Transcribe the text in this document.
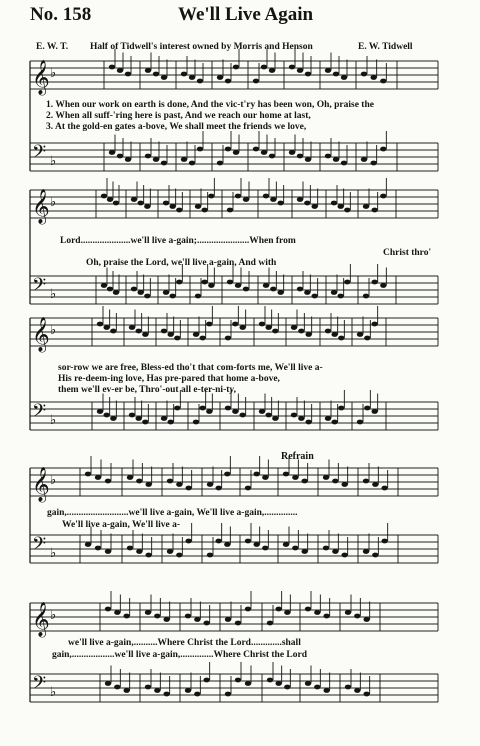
No. 158	We'll Live Again
E. W. T. Half of Tidwell's interest owned by Morris and Henson	E. W. Tidwell
𝄞 ♭
𝄢 ♭
𝄞 ♭
𝄢 ♭
𝄞 ♭
𝄢 ♭
𝄞 ♭
𝄢 ♭
𝄞 ♭
𝄢 ♭
1. When our work on earth is done, And the vic-t'ry has been won, Oh, praise the
2. When all suff-'ring here is past, And we reach our home at last,
3. At the gold-en gates a-bove, We shall meet the friends we love,
Lord.....................we'll live a-gain;......................When from
Christ thro'
Oh, praise the Lord, we'll live a-gain, And with
sor-row we are free, Bless-ed tho't that com-forts me, We'll live a-
His re-deem-ing love, Has pre-pared that home a-bove,
them we'll ev-er be, Thro'-out all e-ter-ni-ty,
Refrain
gain,..........................we'll live a-gain, We'll live a-gain,..............
We'll live a-gain, We'll live a-
we'll live a-gain,..........Where Christ the Lord.............shall
gain,..................we'll live a-gain,..............Where Christ the Lord
